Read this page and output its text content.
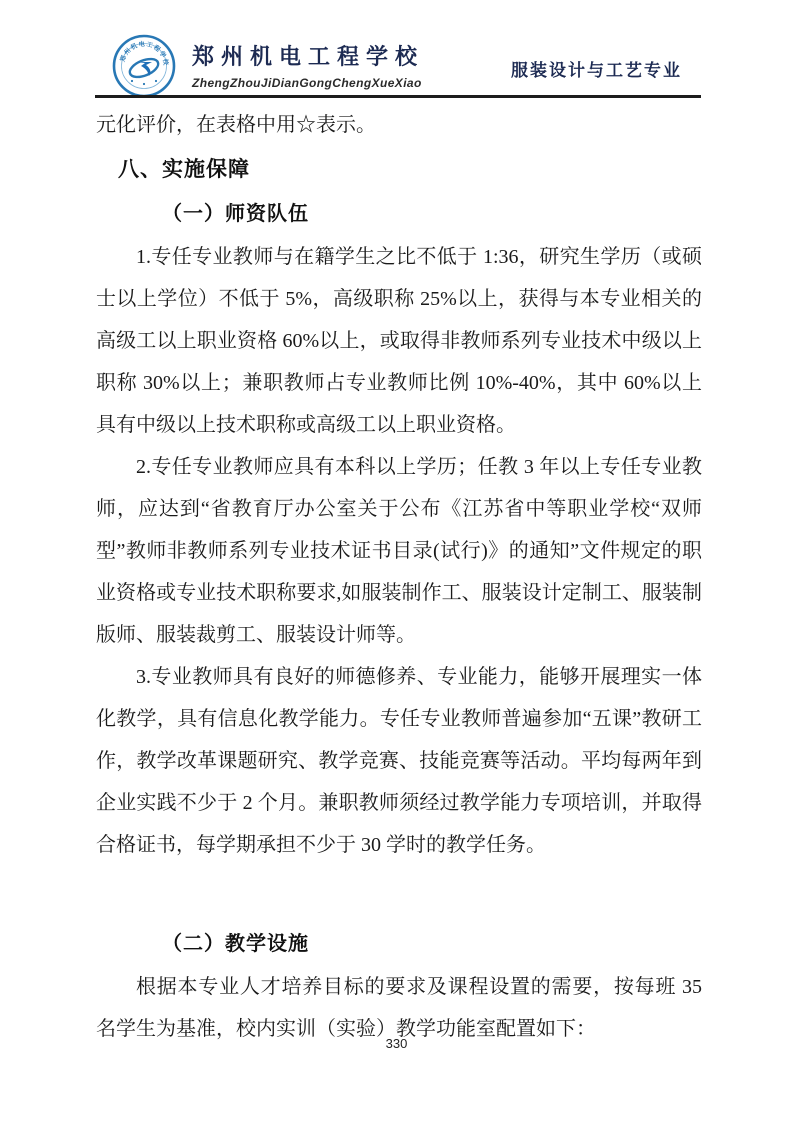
郑州机电工程学校 郑州机电工程学校
ZhengZhouJiDianGongChengXueXiao
服装设计与工艺专业

元化评价，在表格中用☆表示。

八、实施保障
（一）师资队伍

1.专任专业教师与在籍学生之比不低于 1:36，研究生学历（或硕士以上学位）不低于 5%，高级职称 25%以上，获得与本专业相关的高级工以上职业资格 60%以上，或取得非教师系列专业技术中级以上职称 30%以上；兼职教师占专业教师比例 10%-40%，其中 60%以上具有中级以上技术职称或高级工以上职业资格。

2.专任专业教师应具有本科以上学历；任教 3 年以上专任专业教师，应达到“省教育厅办公室关于公布《江苏省中等职业学校“双师型”教师非教师系列专业技术证书目录(试行)》的通知”文件规定的职业资格或专业技术职称要求,如服装制作工、服装设计定制工、服装制版师、服装裁剪工、服装设计师等。

3.专业教师具有良好的师德修养、专业能力，能够开展理实一体化教学，具有信息化教学能力。专任专业教师普遍参加“五课”教研工作，教学改革课题研究、教学竞赛、技能竞赛等活动。平均每两年到企业实践不少于 2 个月。兼职教师须经过教学能力专项培训，并取得合格证书，每学期承担不少于 30 学时的教学任务。

（二）教学设施

根据本专业人才培养目标的要求及课程设置的需要，按每班 35 名学生为基准，校内实训（实验）教学功能室配置如下：

330
